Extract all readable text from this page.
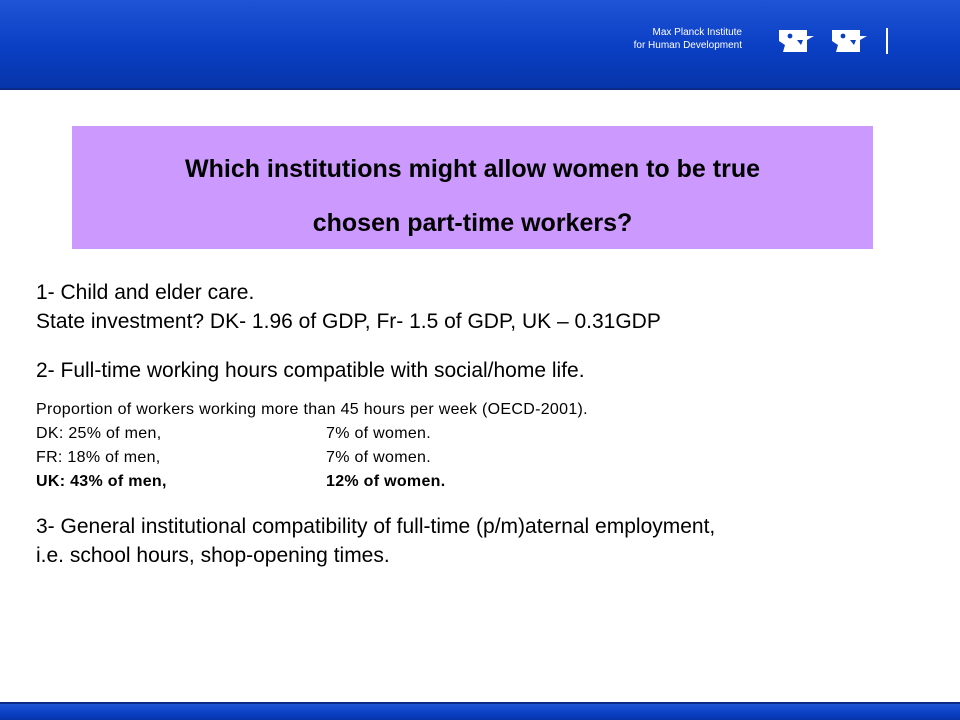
Max Planck Institute
for Human Development

Which institutions might allow women to be true

chosen part-time workers?

1- Child and elder care.

State investment? DK- 1.96 of GDP, Fr- 1.5 of GDP, UK – 0.31GDP

2- Full-time working hours compatible with social/home life.

Proportion of workers working more than 45 hours per week (OECD-2001).

DK: 25% of men,	7% of women.
FR: 18% of men,	7% of women.
UK: 43% of men,	12% of women.

3- General institutional compatibility of full-time (p/m)aternal employment,

i.e. school hours, shop-opening times.
